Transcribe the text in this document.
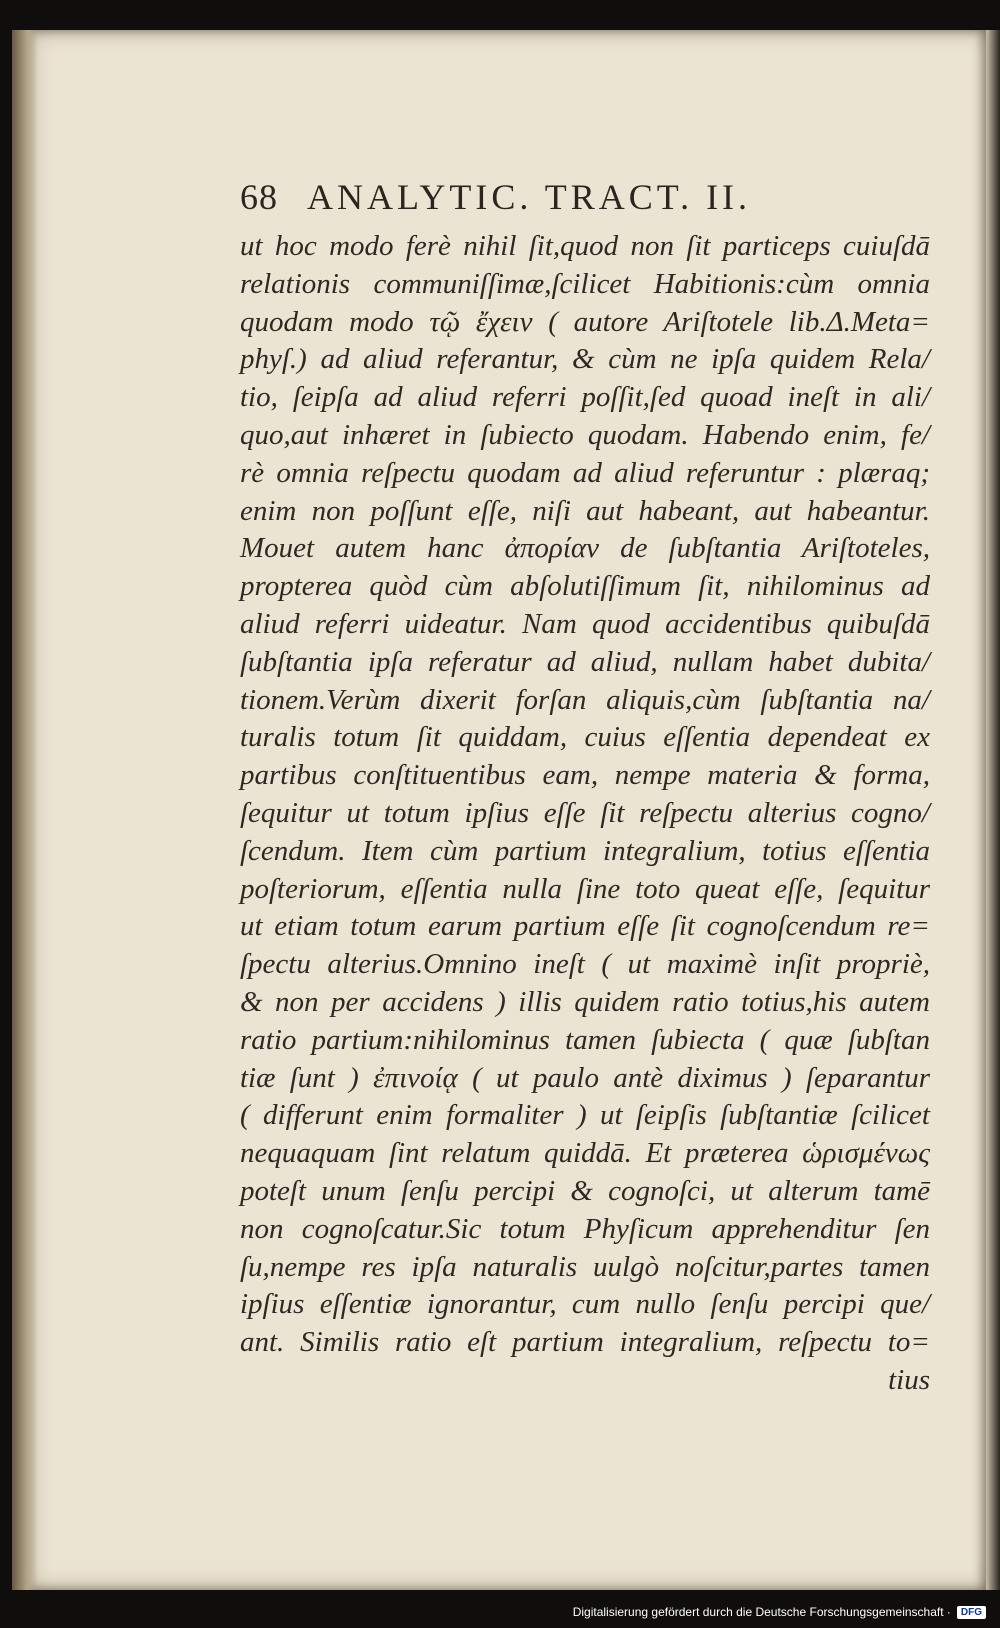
68 ANALYTIC. TRACT. II.
ut hoc modo ferè nihil ſit,quod non ſit particeps cuiuſdā
relationis communiſſimæ,ſcilicet Habitionis:cùm omnia
quodam modo τῷ ἔχειν ( autore Ariſtotele lib.Δ.Meta=
phyſ.) ad aliud referantur, & cùm ne ipſa quidem Rela/
tio, ſeipſa ad aliud referri poſſit,ſed quoad ineſt in ali/
quo,aut inhæret in ſubiecto quodam. Habendo enim, fe/
rè omnia reſpectu quodam ad aliud referuntur : plæraq;
enim non poſſunt eſſe, niſi aut habeant, aut habeantur.
Mouet autem hanc ἀπορίαν de ſubſtantia Ariſtoteles,
propterea quòd cùm abſolutiſſimum ſit, nihilominus ad
aliud referri uideatur. Nam quod accidentibus quibuſdā
ſubſtantia ipſa referatur ad aliud, nullam habet dubita/
tionem.Verùm dixerit forſan aliquis,cùm ſubſtantia na/
turalis totum ſit quiddam, cuius eſſentia dependeat ex
partibus conſtituentibus eam, nempe materia & forma,
ſequitur ut totum ipſius eſſe ſit reſpectu alterius cogno/
ſcendum. Item cùm partium integralium, totius eſſentia
poſteriorum, eſſentia nulla ſine toto queat eſſe, ſequitur
ut etiam totum earum partium eſſe ſit cognoſcendum re=
ſpectu alterius.Omnino ineſt ( ut maximè inſit propriè,
& non per accidens ) illis quidem ratio totius,his autem
ratio partium:nihilominus tamen ſubiecta ( quæ ſubſtan
tiæ ſunt ) ἐπινοίᾳ ( ut paulo antè diximus ) ſeparantur
( differunt enim formaliter ) ut ſeipſis ſubſtantiæ ſcilicet
nequaquam ſint relatum quiddā. Et præterea ὡρισμένως
poteſt unum ſenſu percipi & cognoſci, ut alterum tamē
non cognoſcatur.Sic totum Phyſicum apprehenditur ſen
ſu,nempe res ipſa naturalis uulgò noſcitur,partes tamen
ipſius eſſentiæ ignorantur, cum nullo ſenſu percipi que/
ant. Similis ratio eſt partium integralium, reſpectu to=
tius
Digitalisierung gefördert durch die Deutsche Forschungsgemeinschaft ·	DFG
